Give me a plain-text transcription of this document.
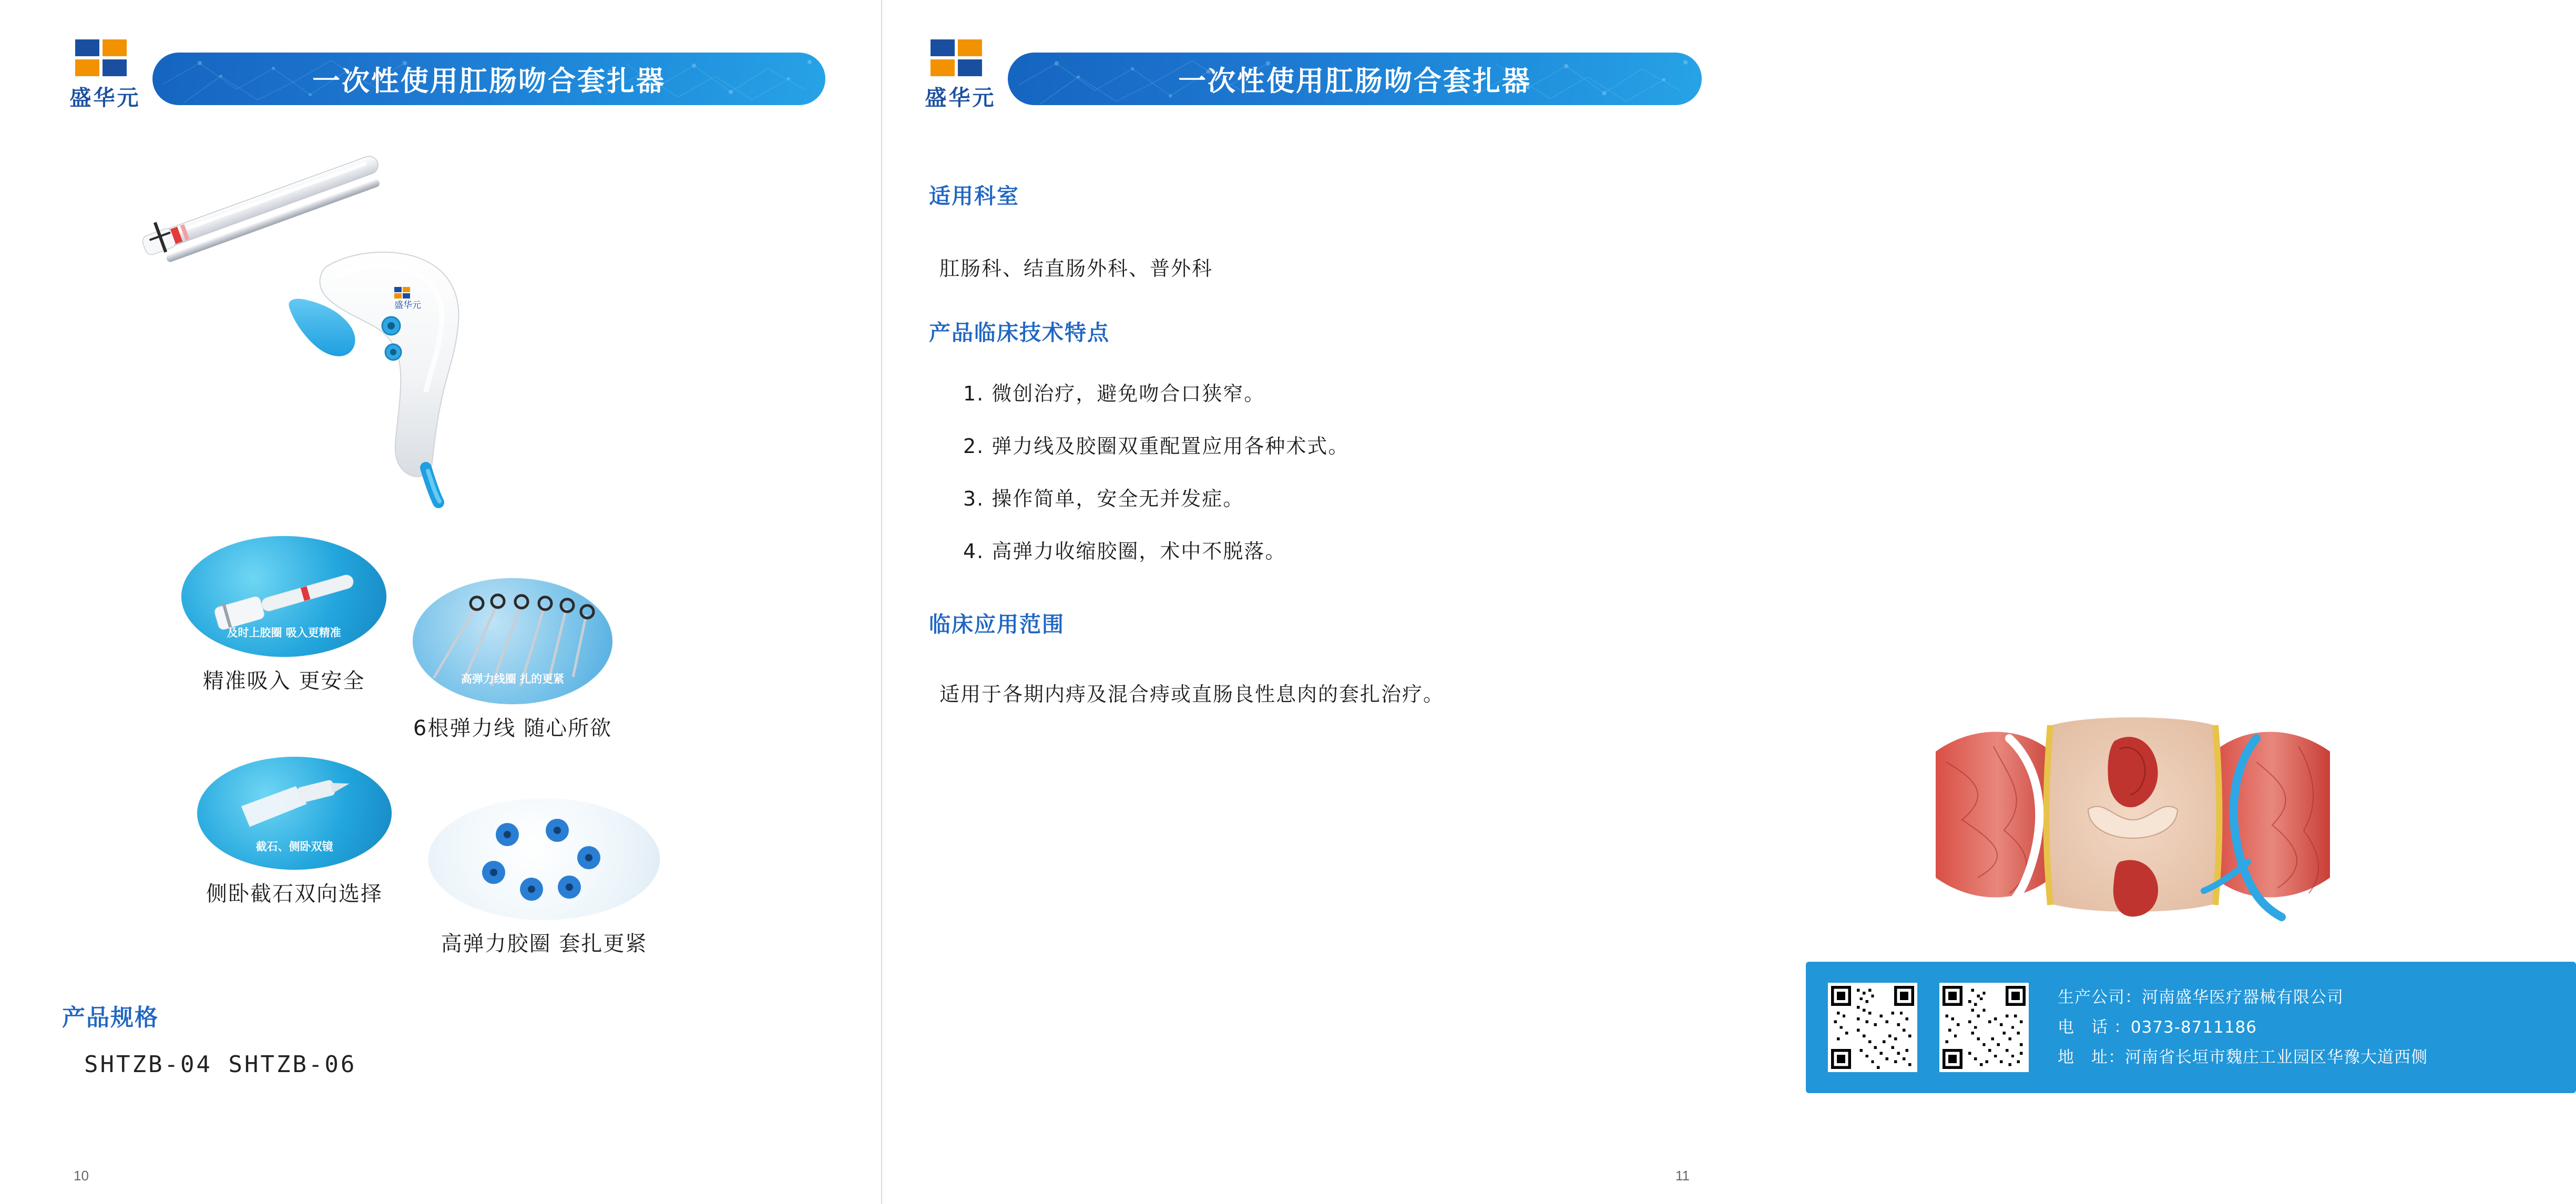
盛华元
一次性使用肛肠吻合套扎器
盛华元
及时上胶圈 吸入更精准
精准吸入 更安全	高弹力线圈 扎的更紧
6根弹力线 随心所欲
截石、侧卧双镜
侧卧截石双向选择
高弹力胶圈 套扎更紧
产品规格
SHTZB-04 SHTZB-06
10
盛华元
一次性使用肛肠吻合套扎器
适用科室
肛肠科、结直肠外科、普外科
产品临床技术特点
1. 微创治疗，避免吻合口狭窄。
2. 弹力线及胶圈双重配置应用各种术式。
3. 操作简单，安全无并发症。
4. 高弹力收缩胶圈，术中不脱落。
临床应用范围
适用于各期内痔及混合痔或直肠良性息肉的套扎治疗。
生产公司：河南盛华医疗器械有限公司
电　话 ：0373-8711186
地　址：河南省长垣市魏庄工业园区华豫大道西侧
11
